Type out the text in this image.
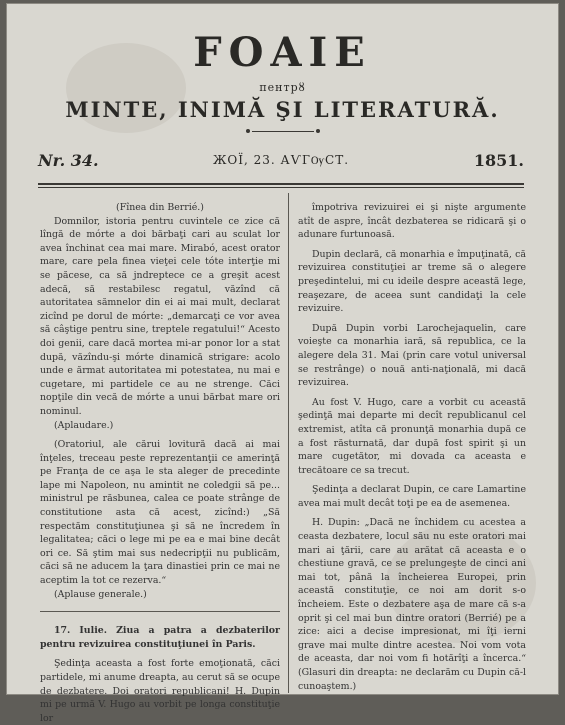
FOAIE
пентрȣ
MINTE, INIMĂ ŞI LITERATURĂ.
Nr. 34.	ЖОЇ, 23. АѴГѸСТ.	1851.

(Fînea din Berrié.)

Domnilor, istoria pentru cuvintele ce zice că lîngă de mórte a doi bărbaţi cari au sculat lor avea închinat cea mai mare. Mirabó, acest orator mare, care pela finea vieţei cele tóte interţie mi se păcese, ca să jndreptece ce a greşit acest adecă, să restabilesc regatul, văzînd că autoritatea sămnelor din ei ai mai mult, declarat zicînd pe dorul de mórte: „demarcaţi ce vor avea să câştige pentru sine, treptele regatului!“ Acesto doi genii, care dacă mortea mi-ar ponor lor a stat după, văzîndu-şi mórte dinamică strigare: acolo unde e ărmat autoritatea mi potestatea, nu mai e cugetare, mi partidele ce au ne strenge. Căci nopţile din vecă de mórte a unui bărbat mare ori nominul.

(Aplaudare.)

(Oratoriul, ale cărui lovitură dacă ai mai înţeles, treceau peste reprezentanţii ce amerinţă pe Franţa de ce aşa le sta aleger de precedinte lape mi Napoleon, nu amintit ne coledgii să pe... ministrul pe răsbunea, calea ce poate strânge de constitutione asta că acest, zicînd:) „Să respectăm constituţiunea şi să ne încredem în legalitatea; căci o lege mi pe ea e mai bine decât ori ce. Să ştim mai sus nedecripţii nu publicăm, căci să ne aducem la ţara dinastiei prin ce mai ne aceptim la tot ce rezerva.“

(Aplause generale.)

17. Iulie. Ziua a patra a dezbaterilor pentru revizuirea constituţiunei în Paris.

Şedinţa aceasta a fost forte emoţionată, căci partidele, mi anume dreapta, au cerut să se ocupe de dezbatere. Doi oratori republicani! H. Dupin mi pe urmă V. Hugo au vorbit pe longa constituţie lor

împotriva revizuirei ei şi nişte argumente atît de aspre, încât dezbaterea se ridicară şi o adunare furtunoasă.

Dupin declară, că monarhia e împuţinată, că revizuirea constituţiei ar treme să o alegere preşedintelui, mi cu ideile despre această lege, reaşezare, de aceea sunt candidaţi la cele revizuire.

După Dupin vorbi Larochejaquelin, care voieşte ca monarhia iară, să republica, ce la alegere dela 31. Mai (prin care votul universal se restrânge) o nouă anti-naţională, mi dacă revizuirea.

Au fost V. Hugo, care a vorbit cu această şedinţă mai departe mi decît republicanul cel extremist, atîta că pronunţă monarhia după ce a fost răsturnată, dar după fost spirit şi un mare cugetător, mi dovada ca aceasta e trecătoare ce sa trecut.

Şedinţa a declarat Dupin, ce care Lamartine avea mai mult decât toţi pe ea de asemenea.

H. Dupin: „Dacă ne închidem cu acestea a ceasta dezbatere, locul său nu este oratori mai mari ai ţării, care au arătat că aceasta e o chestiune gravă, ce se prelungeşte de cinci ani mai tot, până la încheierea Europei, prin această constituţie, ce noi am dorit s-o încheiem. Este o dezbatere aşa de mare că s-a oprit şi cel mai bun dintre oratori (Berrié) pe a zice: aici a decise impresionat, mi îţi ierni grave mai multe dintre acestea. Noi vom vota de aceasta, dar noi vom fi hotărîţi a încerca.“ (Glasuri din dreapta: ne declarăm cu Dupin că-l cunoaştem.)
